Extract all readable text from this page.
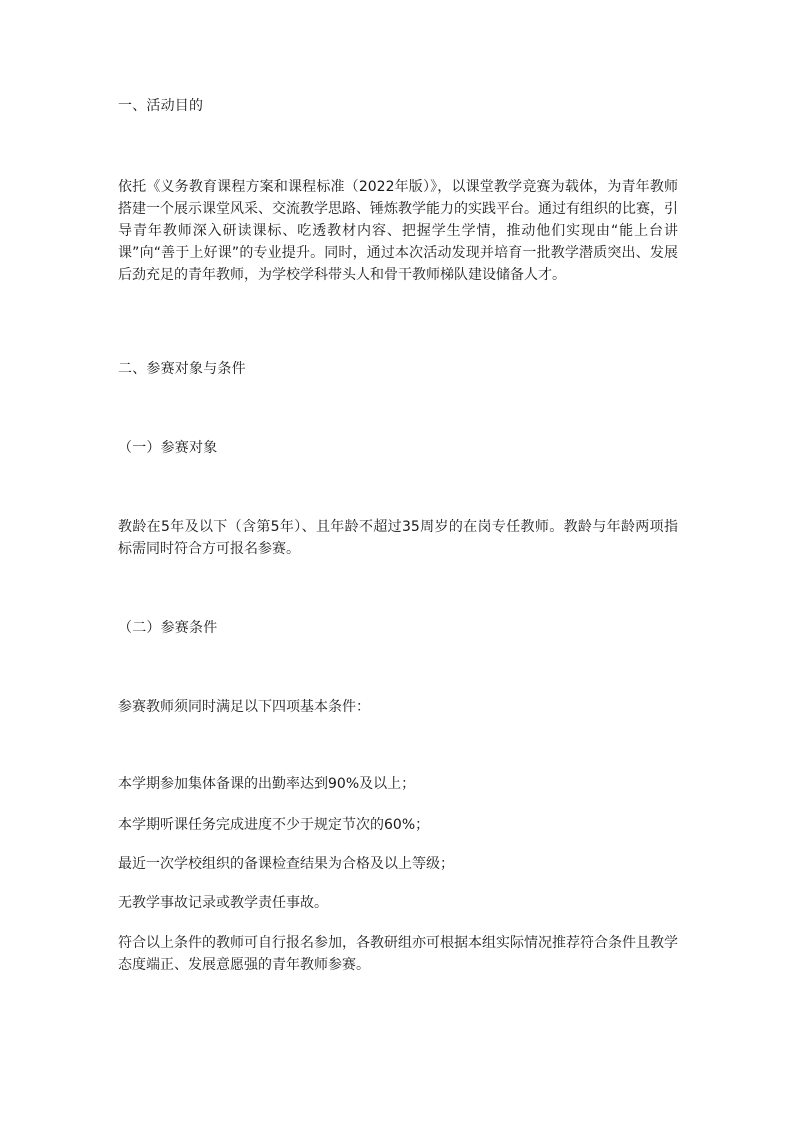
一、活动目的

依托《义务教育课程方案和课程标准（2022年版）》，以课堂教学竞赛为载体，为青年教师搭建一个展示课堂风采、交流教学思路、锤炼教学能力的实践平台。通过有组织的比赛，引导青年教师深入研读课标、吃透教材内容、把握学生学情，推动他们实现由“能上台讲课”向“善于上好课”的专业提升。同时，通过本次活动发现并培育一批教学潜质突出、发展后劲充足的青年教师，为学校学科带头人和骨干教师梯队建设储备人才。

二、参赛对象与条件

（一）参赛对象

教龄在5年及以下（含第5年）、且年龄不超过35周岁的在岗专任教师。教龄与年龄两项指标需同时符合方可报名参赛。

（二）参赛条件

参赛教师须同时满足以下四项基本条件：

本学期参加集体备课的出勤率达到90%及以上；

本学期听课任务完成进度不少于规定节次的60%；

最近一次学校组织的备课检查结果为合格及以上等级；

无教学事故记录或教学责任事故。

符合以上条件的教师可自行报名参加，各教研组亦可根据本组实际情况推荐符合条件且教学态度端正、发展意愿强的青年教师参赛。
